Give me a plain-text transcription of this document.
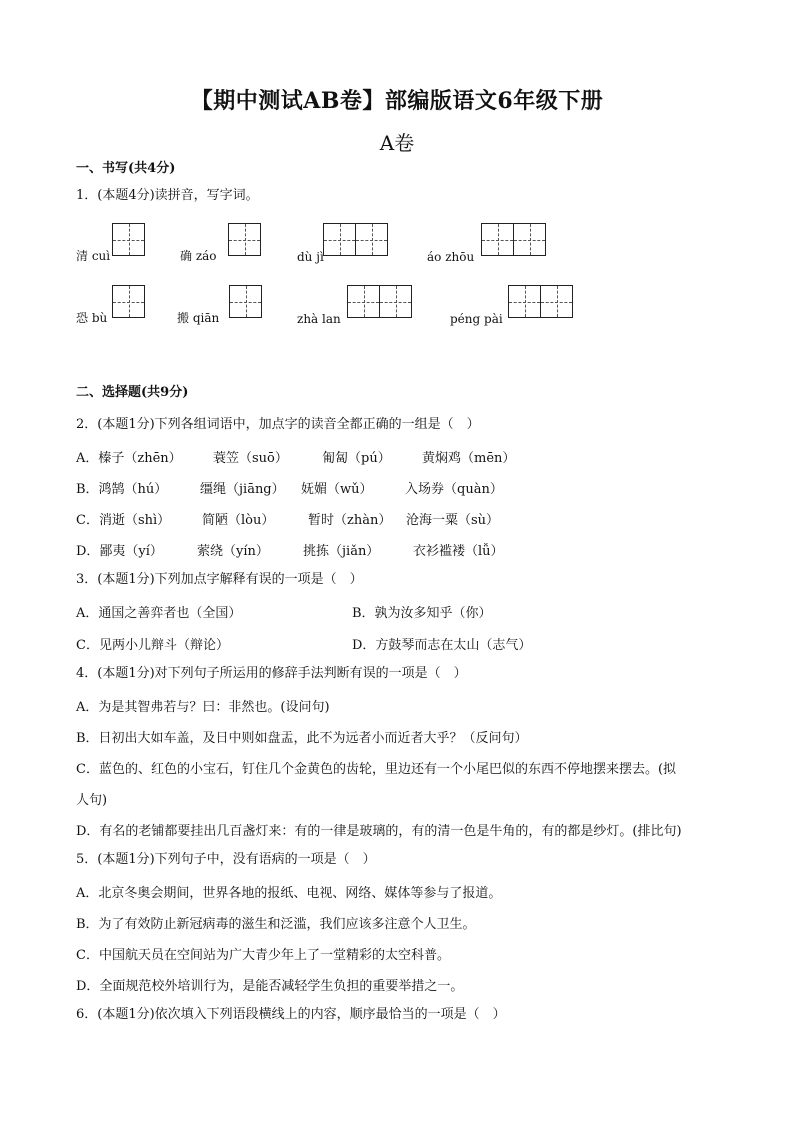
【期中测试AB卷】部编版语文6年级下册
A卷
一、书写(共4分)
1．(本题4分)读拼音，写字词。
清 cuì	确 záo	dù jì	áo zhōu
恐 bù	搬 qiān	zhà lan	péng pài
二、选择题(共9分)
2．(本题1分)下列各组词语中，加点字的读音全都正确的一组是（　）
A．榛子（zhēn） 蓑笠（suō）	匍匐（pú） 黄焖鸡（mēn）
B．鸿鹄（hú）	缰绳（jiāng） 妩媚（wǔ） 入场券（quàn）
C．消逝（shì） 简陋（lòu）	暂时（zhàn） 沧海一粟（sù）
D．鄙夷（yí）	萦绕（yín）	挑拣（jiǎn）	衣衫褴褛（lǚ）
3．(本题1分)下列加点字解释有误的一项是（　）
A．通国之善弈者也（全国）	B．孰为汝多知乎（你）
C．见两小儿辩斗（辩论）	D．方鼓琴而志在太山（志气）
4．(本题1分)对下列句子所运用的修辞手法判断有误的一项是（　）
A．为是其智弗若与？曰：非然也。(设问句)
B．日初出大如车盖，及日中则如盘盂，此不为远者小而近者大乎？（反问句）
C．蓝色的、红色的小宝石，钉住几个金黄色的齿轮，里边还有一个小尾巴似的东西不停地摆来摆去。(拟
人句)
D．有名的老铺都要挂出几百盏灯来：有的一律是玻璃的，有的清一色是牛角的，有的都是纱灯。(排比句)
5．(本题1分)下列句子中，没有语病的一项是（　）
A．北京冬奥会期间，世界各地的报纸、电视、网络、媒体等参与了报道。
B．为了有效防止新冠病毒的滋生和泛滥，我们应该多注意个人卫生。
C．中国航天员在空间站为广大青少年上了一堂精彩的太空科普。
D．全面规范校外培训行为，是能否减轻学生负担的重要举措之一。
6．(本题1分)依次填入下列语段横线上的内容，顺序最恰当的一项是（　）
